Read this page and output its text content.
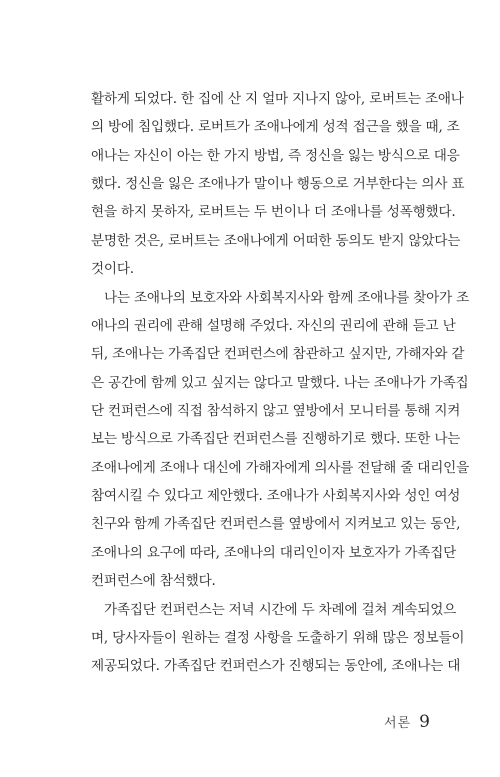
활하게 되었다. 한 집에 산 지 얼마 지나지 않아, 로버트는 조애나
의 방에 침입했다. 로버트가 조애나에게 성적 접근을 했을 때, 조
애나는 자신이 아는 한 가지 방법, 즉 정신을 잃는 방식으로 대응
했다. 정신을 잃은 조애나가 말이나 행동으로 거부한다는 의사 표
현을 하지 못하자, 로버트는 두 번이나 더 조애나를 성폭행했다.
분명한 것은, 로버트는 조애나에게 어떠한 동의도 받지 않았다는
것이다.
나는 조애나의 보호자와 사회복지사와 함께 조애나를 찾아가 조
애나의 권리에 관해 설명해 주었다. 자신의 권리에 관해 듣고 난
뒤, 조애나는 가족집단 컨퍼런스에 참관하고 싶지만, 가해자와 같
은 공간에 함께 있고 싶지는 않다고 말했다. 나는 조애나가 가족집
단 컨퍼런스에 직접 참석하지 않고 옆방에서 모니터를 통해 지켜
보는 방식으로 가족집단 컨퍼런스를 진행하기로 했다. 또한 나는
조애나에게 조애나 대신에 가해자에게 의사를 전달해 줄 대리인을
참여시킬 수 있다고 제안했다. 조애나가 사회복지사와 성인 여성
친구와 함께 가족집단 컨퍼런스를 옆방에서 지켜보고 있는 동안,
조애나의 요구에 따라, 조애나의 대리인이자 보호자가 가족집단
컨퍼런스에 참석했다.
가족집단 컨퍼런스는 저녁 시간에 두 차례에 걸쳐 계속되었으
며, 당사자들이 원하는 결정 사항을 도출하기 위해 많은 정보들이
제공되었다. 가족집단 컨퍼런스가 진행되는 동안에, 조애나는 대
서론 9
